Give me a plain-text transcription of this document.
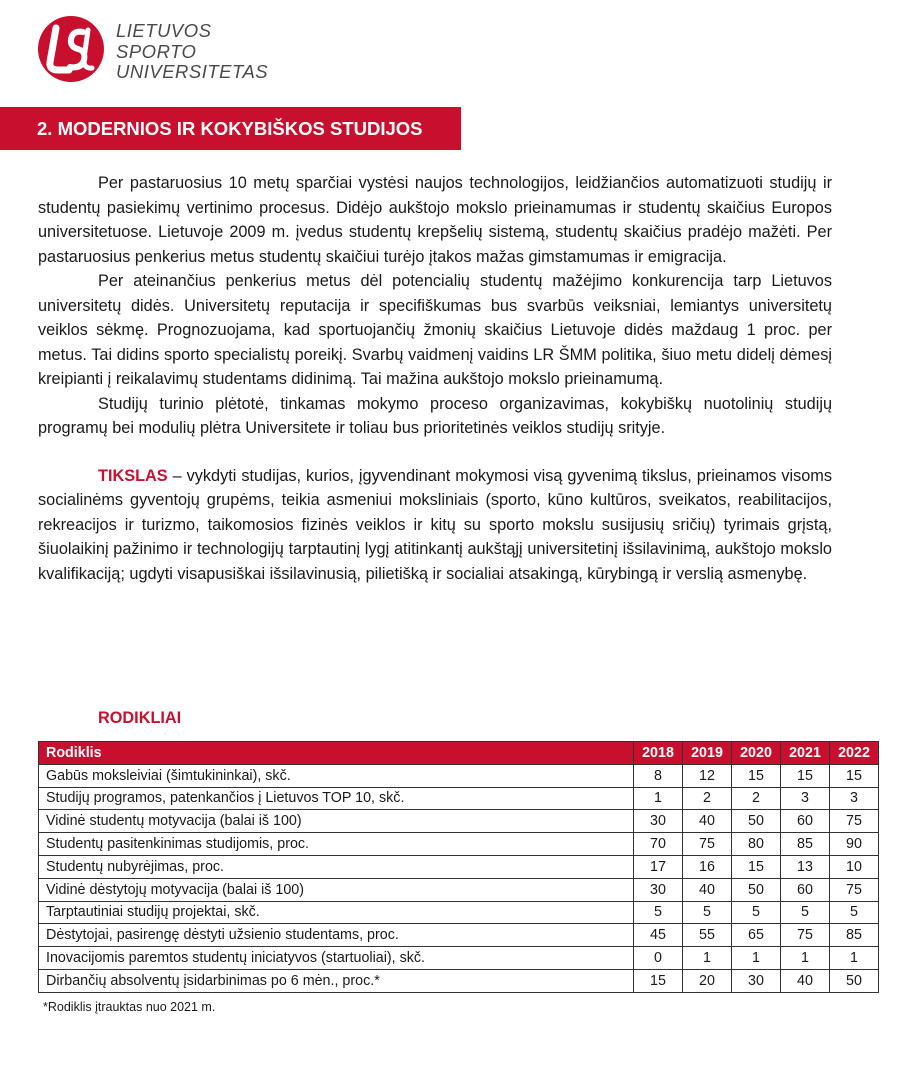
LIETUVOS
SPORTO
UNIVERSITETAS
2. MODERNIOS IR KOKYBIŠKOS STUDIJOS

Per pastaruosius 10 metų sparčiai vystėsi naujos technologijos, leidžiančios automatizuoti studijų ir studentų pasiekimų vertinimo procesus. Didėjo aukštojo mokslo prieinamumas ir studentų skaičius Europos universitetuose. Lietuvoje 2009 m. įvedus studentų krepšelių sistemą, studentų skaičius pradėjo mažėti. Per pastaruosius penkerius metus studentų skaičiui turėjo įtakos mažas gimstamumas ir emigracija.

Per ateinančius penkerius metus dėl potencialių studentų mažėjimo konkurencija tarp Lietuvos universitetų didės. Universitetų reputacija ir specifiškumas bus svarbūs veiksniai, lemiantys universitetų veiklos sėkmę. Prognozuojama, kad sportuojančių žmonių skaičius Lietuvoje didės maždaug 1 proc. per metus. Tai didins sporto specialistų poreikį. Svarbų vaidmenį vaidins LR ŠMM politika, šiuo metu didelį dėmesį kreipianti į reikalavimų studentams didinimą. Tai mažina aukštojo mokslo prieinamumą.

Studijų turinio plėtotė, tinkamas mokymo proceso organizavimas, kokybiškų nuotolinių studijų programų bei modulių plėtra Universitete ir toliau bus prioritetinės veiklos studijų srityje.

TIKSLAS – vykdyti studijas, kurios, įgyvendinant mokymosi visą gyvenimą tikslus, prieinamos visoms socialinėms gyventojų grupėms, teikia asmeniui moksliniais (sporto, kūno kultūros, sveikatos, reabilitacijos, rekreacijos ir turizmo, taikomosios fizinės veiklos ir kitų su sporto mokslu susijusių sričių) tyrimais grįstą, šiuolaikinį pažinimo ir technologijų tarptautinį lygį atitinkantį aukštąjį universitetinį išsilavinimą, aukštojo mokslo kvalifikaciją; ugdyti visapusiškai išsilavinusią, pilietišką ir socialiai atsakingą, kūrybingą ir verslią asmenybę.

RODIKLIAI
Rodiklis	2018	2019	2020	2021	2022
Gabūs moksleiviai (šimtukininkai), skč.	8	12	15	15	15
Studijų programos, patenkančios į Lietuvos TOP 10, skč.	1	2	2	3	3
Vidinė studentų motyvacija (balai iš 100)	30	40	50	60	75
Studentų pasitenkinimas studijomis, proc.	70	75	80	85	90
Studentų nubyrėjimas, proc.	17	16	15	13	10
Vidinė dėstytojų motyvacija (balai iš 100)	30	40	50	60	75
Tarptautiniai studijų projektai, skč.	5	5	5	5	5
Dėstytojai, pasirengę dėstyti užsienio studentams, proc.	45	55	65	75	85
Inovacijomis paremtos studentų iniciatyvos (startuoliai), skč.	0	1	1	1	1
Dirbančių absolventų įsidarbinimas po 6 mėn., proc.*	15	20	30	40	50
*Rodiklis įtrauktas nuo 2021 m.
